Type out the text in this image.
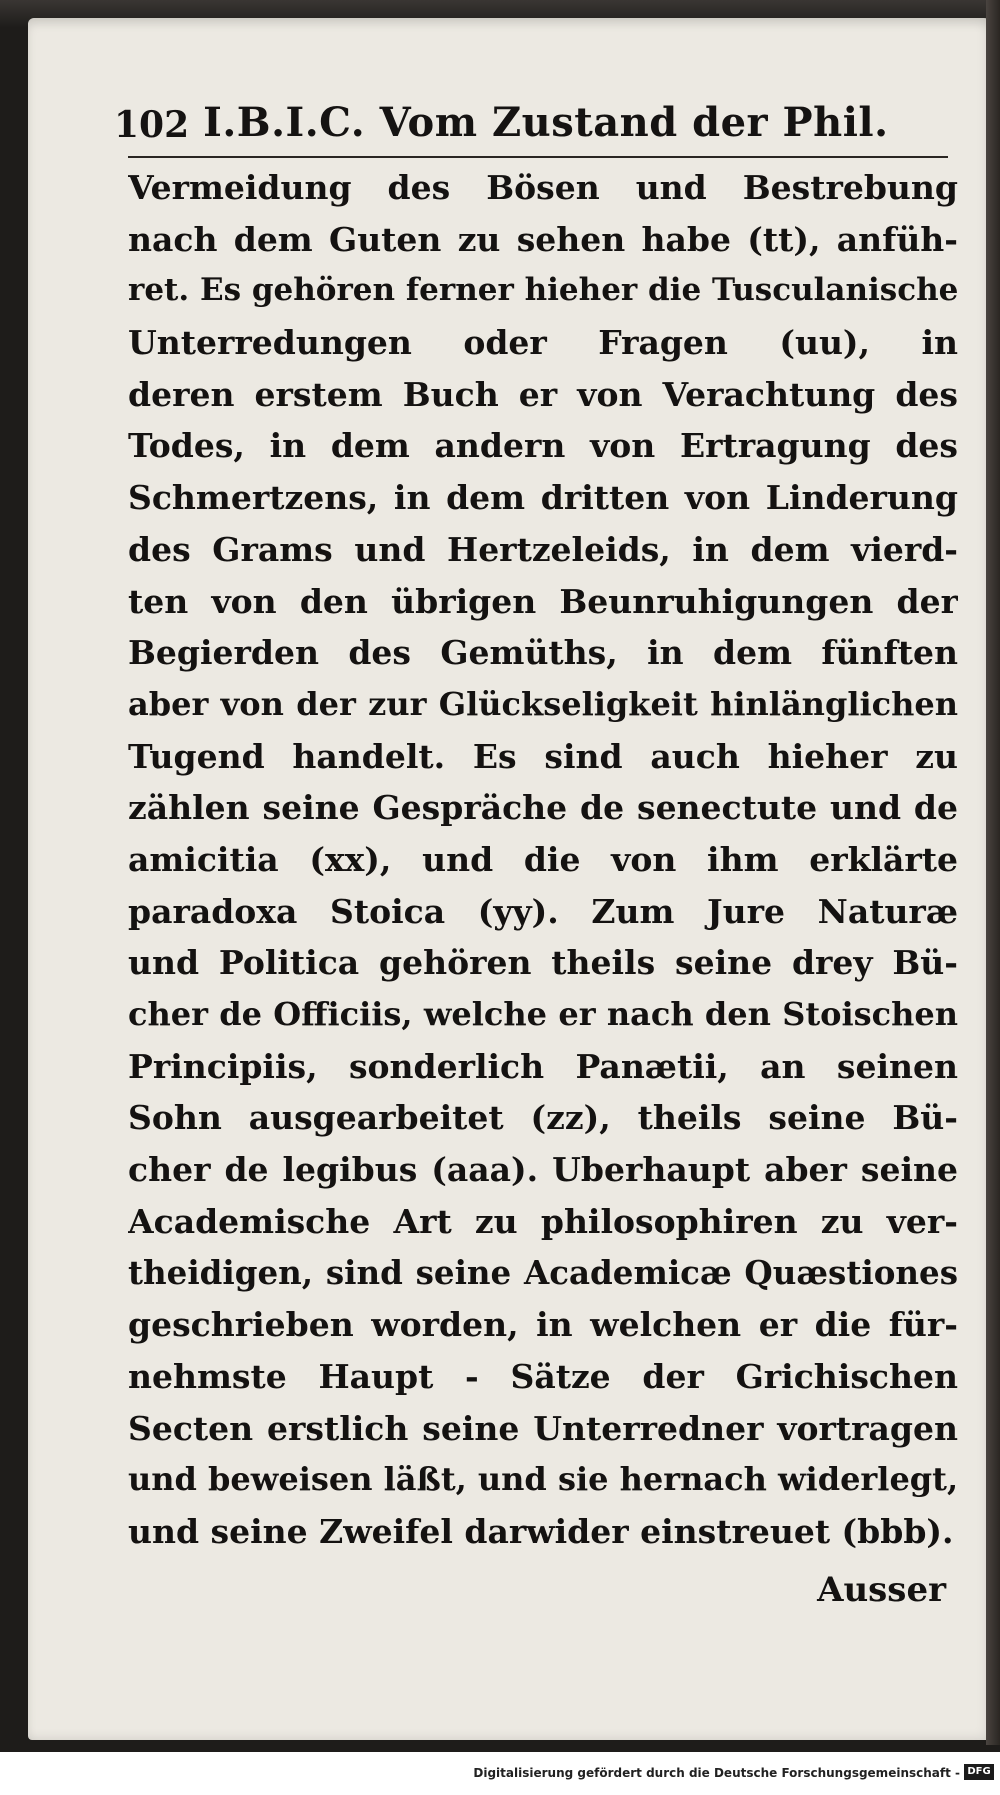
102 I.B.I.C. Vom Zustand der Phil.
Vermeidung des Bösen und Bestrebung
nach dem Guten zu sehen habe (tt), anfüh-
ret. Es gehören ferner hieher die Tusculanische
Unterredungen oder Fragen (uu), in
deren erstem Buch er von Verachtung des
Todes, in dem andern von Ertragung des
Schmertzens, in dem dritten von Linderung
des Grams und Hertzeleids, in dem vierd-
ten von den übrigen Beunruhigungen der
Begierden des Gemüths, in dem fünften
aber von der zur Glückseligkeit hinlänglichen
Tugend handelt. Es sind auch hieher zu
zählen seine Gespräche de senectute und de
amicitia (xx), und die von ihm erklärte
paradoxa Stoica (yy). Zum Jure Naturæ
und Politica gehören theils seine drey Bü-
cher de Officiis, welche er nach den Stoischen
Principiis, sonderlich Panætii, an seinen
Sohn ausgearbeitet (zz), theils seine Bü-
cher de legibus (aaa). Uberhaupt aber seine
Academische Art zu philosophiren zu ver-
theidigen, sind seine Academicæ Quæstiones
geschrieben worden, in welchen er die für-
nehmste Haupt - Sätze der Grichischen
Secten erstlich seine Unterredner vortragen
und beweisen läßt, und sie hernach widerlegt,
und seine Zweifel darwider einstreuet (bbb).
Ausser
Digitalisierung gefördert durch die Deutsche Forschungsgemeinschaft - DFG
